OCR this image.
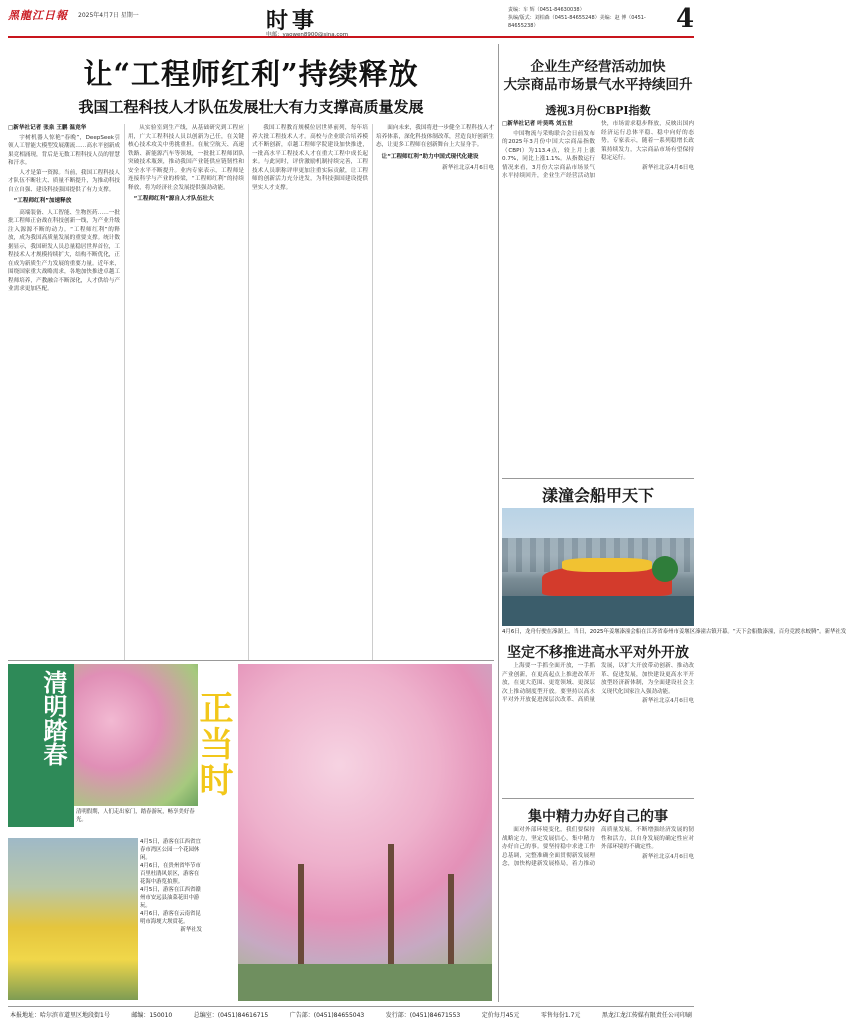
黑龍江日報 2025年4月7日 星期一	时事
电邮：yaowen8900@sina.com
责编：车 辉（0451-84630038）
执编/版式：刘柏森（0451-84655248）美编：赵 博（0451-84655238）	4
让“工程师红利”持续释放
我国工程科技人才队伍发展壮大有力支撑高质量发展

□新华社记者 张泉 王鹏 温竞华

宇树机器人惊艳“春晚”，DeepSeek引领人工智能大模型发展潮流……高水平创新成果竞相涌现，背后是无数工程科技人员的智慧和汗水。

人才是第一资源。当前，我国工程科技人才队伍不断壮大、质量不断提升，为推动科技自立自强、建设科技强国提供了有力支撑。

“工程师红利”加速释放

高端装备、人工智能、生物医药……一批批工程师正奋战在科技创新一线，为产业升级注入源源不断的动力。“工程师红利”的释放，成为我国高质量发展的重要支撑。统计数据显示，我国研发人员总量稳居世界首位，工程技术人才规模持续扩大，结构不断优化，正在成为新质生产力发展的重要力量。近年来，围绕国家重大战略需求，各地加快推进卓越工程师培养，产教融合不断深化，人才供给与产业需求更加匹配。

从实验室到生产线，从基础研究到工程应用，广大工程科技人员以创新为己任，在关键核心技术攻关中勇挑重担。在航空航天、高速铁路、新能源汽车等领域，一批批工程师团队突破技术瓶颈，推动我国产业链供应链韧性和安全水平不断提升。业内专家表示，工程师是连接科学与产业的桥梁，“工程师红利”的持续释放，将为经济社会发展提供强劲动能。

“工程师红利”源自人才队伍壮大

我国工程教育规模位居世界前列，每年培养大批工程技术人才。高校与企业联合培养模式不断创新，卓越工程师学院建设加快推进，一批高水平工程技术人才在重大工程中成长起来。与此同时，评价激励机制持续完善，工程技术人员职称评审更加注重实际贡献，让工程师的创新活力充分迸发，为科技强国建设提供坚实人才支撑。

面向未来，我国将进一步健全工程科技人才培养体系，深化科技体制改革，营造良好创新生态，让更多工程师在创新舞台上大显身手。

让“工程师红利”助力中国式现代化建设

新华社北京4月6日电

企业生产经营活动加快
大宗商品市场景气水平持续回升
透视3月份CBPI指数

□新华社记者 叶昊鸣 刘五世

中国物流与采购联合会日前发布的2025年3月份中国大宗商品指数（CBPI）为113.4点，较上月上涨0.7%，同比上涨1.1%。从指数运行情况来看，3月份大宗商品市场景气水平持续回升，企业生产经营活动加快，市场需求稳步释放，反映出国内经济运行总体平稳、稳中向好的态势。专家表示，随着一系列稳增长政策持续发力，大宗商品市场有望保持稳定运行。

新华社北京4月6日电

漾潼会船甲天下
4月6日，龙舟行驶在溱湖上。当日，2025年姜堰溱潼会船在江苏省泰州市姜堰区溱潼古镇开幕。“天下会船数溱潼，百舟竞渡水蛟腾”。新华社发
坚定不移推进高水平对外开放

上海要一手抓全面开放，一手抓产业创新，在更高起点上推进改革开放，在更大范围、更宽领域、更深层次上推动制度型开放。要坚持以高水平对外开放促进深层次改革、高质量发展，以扩大开放带动创新、推动改革、促进发展，加快建设更高水平开放型经济新体制，为全面建设社会主义现代化国家注入强劲动能。

新华社北京4月6日电

集中精力办好自己的事

面对外部环境变化，我们要保持战略定力，坚定发展信心，集中精力办好自己的事。要坚持稳中求进工作总基调，完整准确全面贯彻新发展理念，加快构建新发展格局，着力推动高质量发展，不断增强经济发展的韧性和活力，以自身发展的确定性应对外部环境的不确定性。

新华社北京4月6日电

清明踏春	正当时
清明假期，人们走出家门，踏春游玩，畅享美好春光。

4月5日，游客在江西省宜春市湾区公园一个花园休闲。

4月6日，在贵州省毕节市百里杜鹃风景区，游客在花海中游览拍照。

4月5日，游客在江西省赣州市安远县油菜花田中游玩。

4月6日，游客在云南省昆明市海埂大坝赏花。

新华社发

本报地址：哈尔滨市道里区地段街1号	邮编：150010	总编室：(0451)84616715	广告部：(0451)84655043	发行部：(0451)84671553	定价每月45元	零售每份1.7元	黑龙江龙江传媒有限责任公司印刷
